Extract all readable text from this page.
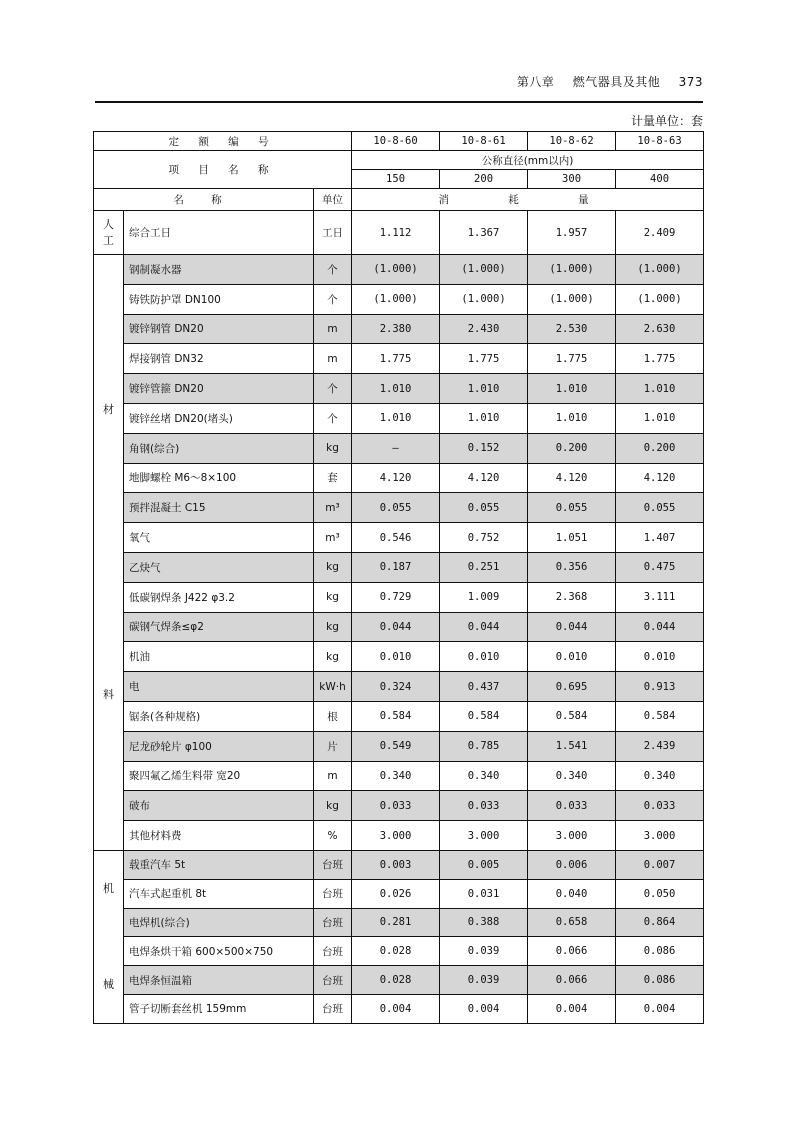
第八章 燃气器具及其他 373
计量单位：套
定 额 编 号			10-8-60	10-8-61	10-8-62	10-8-63
项 目 名 称			公称直径(mm以内)			
			150	200	300	400
名 称		单位	消 耗 量			

人
工	综合工日	工日	1.112	1.367	1.957	2.409

材
料	钢制凝水器	个	(1.000)	(1.000)	(1.000)	(1.000)
	铸铁防护罩 DN100	个	(1.000)	(1.000)	(1.000)	(1.000)
	镀锌钢管 DN20	m	2.380	2.430	2.530	2.630
	焊接钢管 DN32	m	1.775	1.775	1.775	1.775
	镀锌管箍 DN20	个	1.010	1.010	1.010	1.010
	镀锌丝堵 DN20(堵头)	个	1.010	1.010	1.010	1.010
	角钢(综合)	kg	—	0.152	0.200	0.200
	地脚螺栓 M6～8×100	套	4.120	4.120	4.120	4.120
	预拌混凝土 C15	m³	0.055	0.055	0.055	0.055
	氧气	m³	0.546	0.752	1.051	1.407
	乙炔气	kg	0.187	0.251	0.356	0.475
	低碳钢焊条 J422 φ3.2	kg	0.729	1.009	2.368	3.111
	碳钢气焊条≤φ2	kg	0.044	0.044	0.044	0.044
	机油	kg	0.010	0.010	0.010	0.010
	电	kW·h	0.324	0.437	0.695	0.913
	锯条(各种规格)	根	0.584	0.584	0.584	0.584
	尼龙砂轮片 φ100	片	0.549	0.785	1.541	2.439
	聚四氟乙烯生料带 宽20	m	0.340	0.340	0.340	0.340
	破布	kg	0.033	0.033	0.033	0.033
	其他材料费	%	3.000	3.000	3.000	3.000

机
械	载重汽车 5t	台班	0.003	0.005	0.006	0.007
	汽车式起重机 8t	台班	0.026	0.031	0.040	0.050
	电焊机(综合)	台班	0.281	0.388	0.658	0.864
	电焊条烘干箱 600×500×750	台班	0.028	0.039	0.066	0.086
	电焊条恒温箱	台班	0.028	0.039	0.066	0.086
	管子切断套丝机 159mm	台班	0.004	0.004	0.004	0.004
